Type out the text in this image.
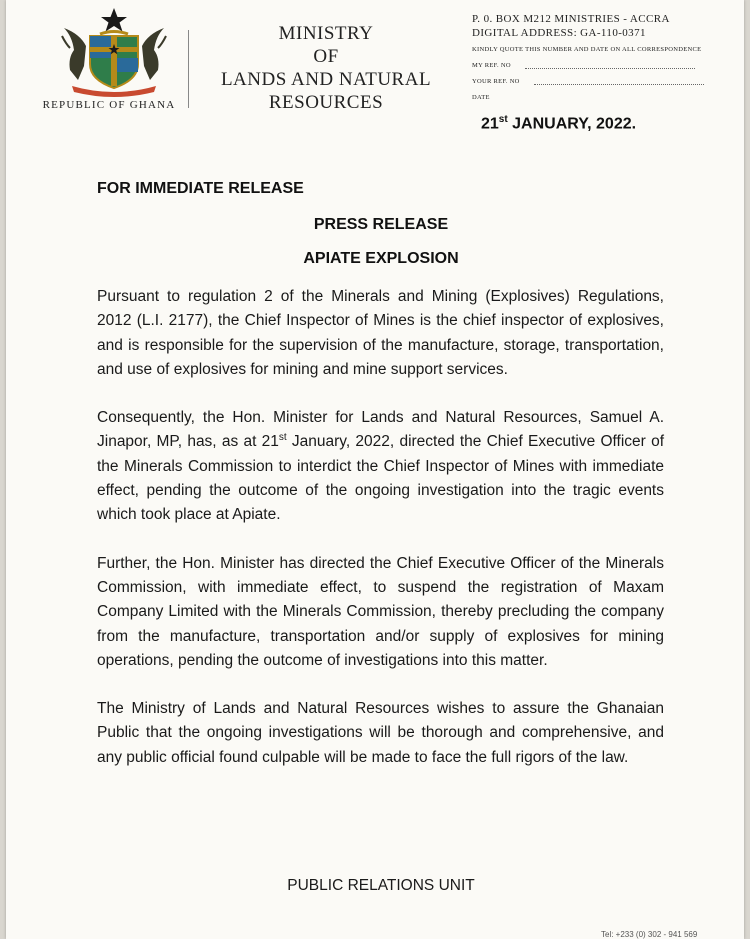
REPUBLIC OF GHANA
MINISTRY
OF
LANDS AND NATURAL
RESOURCES
P. 0. BOX M212 MINISTRIES - ACCRA
DIGITAL ADDRESS: GA-110-0371
KINDLY QUOTE THIS NUMBER AND DATE ON ALL CORRESPONDENCE
MY REF. NO
YOUR REF. NO
DATE
21st JANUARY, 2022.
FOR IMMEDIATE RELEASE
PRESS RELEASE
APIATE EXPLOSION

Pursuant to regulation 2 of the Minerals and Mining (Explosives) Regulations, 2012 (L.I. 2177), the Chief Inspector of Mines is the chief inspector of explosives, and is responsible for the supervision of the manufacture, storage, transportation, and use of explosives for mining and mine support services.

Consequently, the Hon. Minister for Lands and Natural Resources, Samuel A. Jinapor, MP, has, as at 21st January, 2022, directed the Chief Executive Officer of the Minerals Commission to interdict the Chief Inspector of Mines with immediate effect, pending the outcome of the ongoing investigation into the tragic events which took place at Apiate.

Further, the Hon. Minister has directed the Chief Executive Officer of the Minerals Commission, with immediate effect, to suspend the registration of Maxam Company Limited with the Minerals Commission, thereby precluding the company from the manufacture, transportation and/or supply of explosives for mining operations, pending the outcome of investigations into this matter.

The Ministry of Lands and Natural Resources wishes to assure the Ghanaian Public that the ongoing investigations will be thorough and comprehensive, and any public official found culpable will be made to face the full rigors of the law.

PUBLIC RELATIONS UNIT
Tel: +233 (0) 302 - 941 569
